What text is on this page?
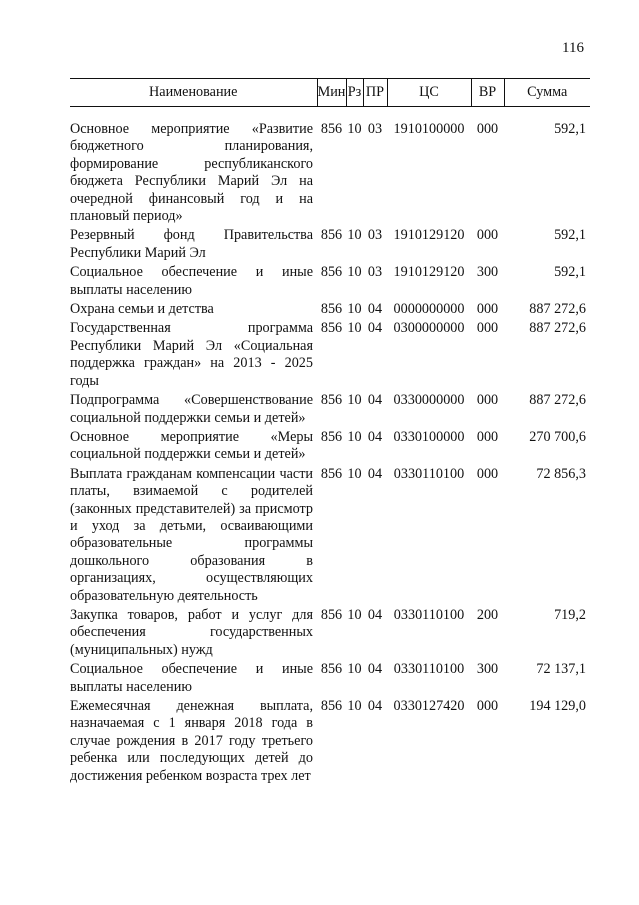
116
Наименование	Мин	Рз	ПР	ЦС	ВР	Сумма

Основное мероприятие «Развитие бюджетного планирования, формирование республиканского бюджета Республики Марий Эл на очередной финансовый год и на плановый период»	856	10	03	1910100000	000	592,1
Резервный фонд Правительства Республики Марий Эл	856	10	03	1910129120	000	592,1
Социальное обеспечение и иные выплаты населению	856	10	03	1910129120	300	592,1
Охрана семьи и детства	856	10	04	0000000000	000	887 272,6
Государственная программа Республики Марий Эл «Социальная поддержка граждан» на 2013 - 2025 годы	856	10	04	0300000000	000	887 272,6
Подпрограмма «Совершенствование социальной поддержки семьи и детей»	856	10	04	0330000000	000	887 272,6
Основное мероприятие «Меры социальной поддержки семьи и детей»	856	10	04	0330100000	000	270 700,6
Выплата гражданам компенсации части платы, взимаемой с родителей (законных представителей) за присмотр и уход за детьми, осваивающими образовательные программы дошкольного образования в организациях, осуществляющих образовательную деятельность	856	10	04	0330110100	000	72 856,3
Закупка товаров, работ и услуг для обеспечения государственных (муниципальных) нужд	856	10	04	0330110100	200	719,2
Социальное обеспечение и иные выплаты населению	856	10	04	0330110100	300	72 137,1
Ежемесячная денежная выплата, назначаемая с 1 января 2018 года в случае рождения в 2017 году третьего ребенка или последующих детей до достижения ребенком возраста трех лет	856	10	04	0330127420	000	194 129,0
